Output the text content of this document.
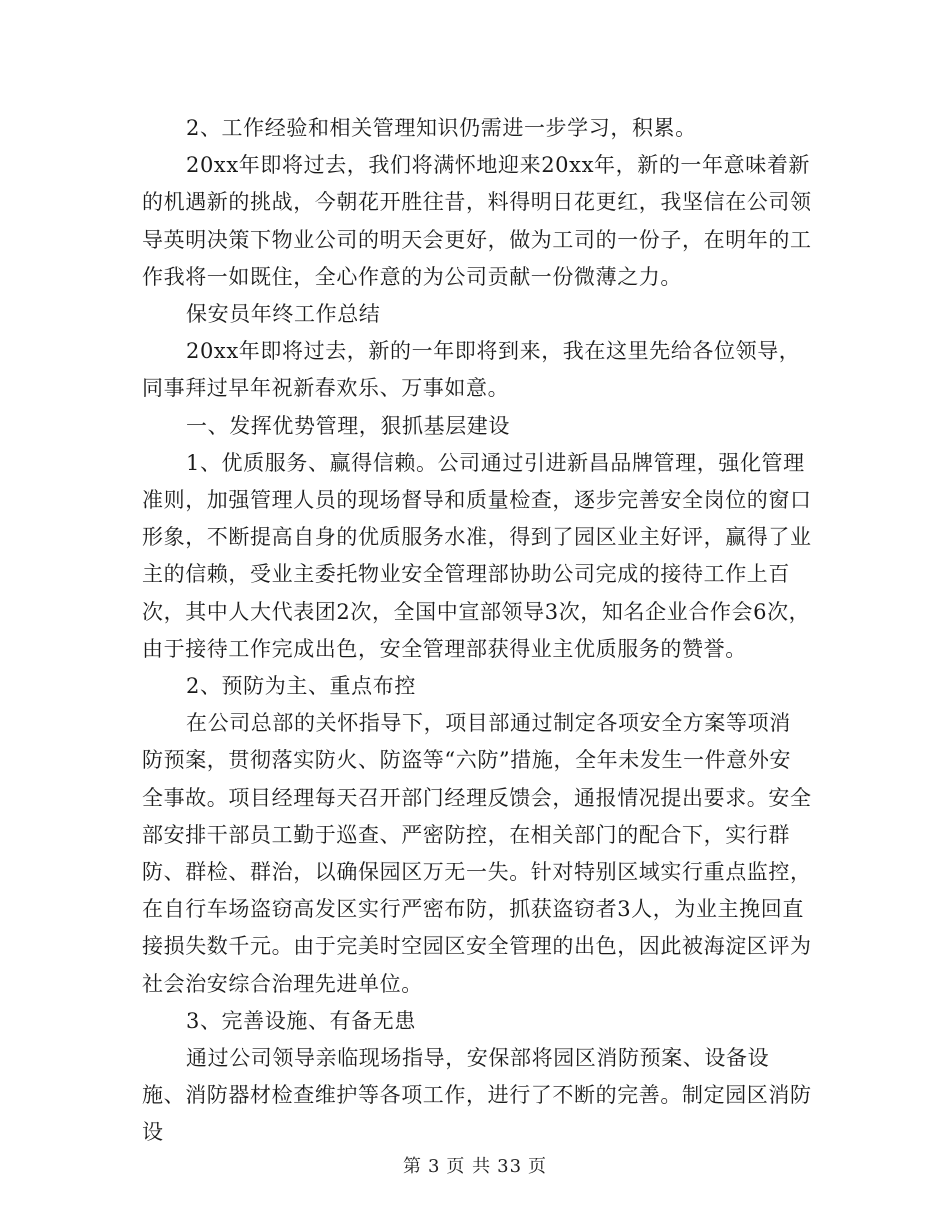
2、工作经验和相关管理知识仍需进一步学习，积累。

20xx年即将过去，我们将满怀地迎来20xx年，新的一年意味着新的机遇新的挑战，今朝花开胜往昔，料得明日花更红，我坚信在公司领导英明决策下物业公司的明天会更好，做为工司的一份子，在明年的工作我将一如既住，全心作意的为公司贡献一份微薄之力。

保安员年终工作总结

20xx年即将过去，新的一年即将到来，我在这里先给各位领导，同事拜过早年祝新春欢乐、万事如意。

一、发挥优势管理，狠抓基层建设

1、优质服务、赢得信赖。公司通过引进新昌品牌管理，强化管理准则，加强管理人员的现场督导和质量检查，逐步完善安全岗位的窗口形象，不断提高自身的优质服务水准，得到了园区业主好评，赢得了业主的信赖，受业主委托物业安全管理部协助公司完成的接待工作上百次，其中人大代表团2次，全国中宣部领导3次，知名企业合作会6次，由于接待工作完成出色，安全管理部获得业主优质服务的赞誉。

2、预防为主、重点布控

在公司总部的关怀指导下，项目部通过制定各项安全方案等项消防预案，贯彻落实防火、防盗等“六防”措施，全年未发生一件意外安全事故。项目经理每天召开部门经理反馈会，通报情况提出要求。安全部安排干部员工勤于巡查、严密防控，在相关部门的配合下，实行群防、群检、群治，以确保园区万无一失。针对特别区域实行重点监控，在自行车场盗窃高发区实行严密布防，抓获盗窃者3人，为业主挽回直接损失数千元。由于完美时空园区安全管理的出色，因此被海淀区评为社会治安综合治理先进单位。

3、完善设施、有备无患

通过公司领导亲临现场指导，安保部将园区消防预案、设备设施、消防器材检查维护等各项工作，进行了不断的完善。制定园区消防设

第 3 页 共 33 页
